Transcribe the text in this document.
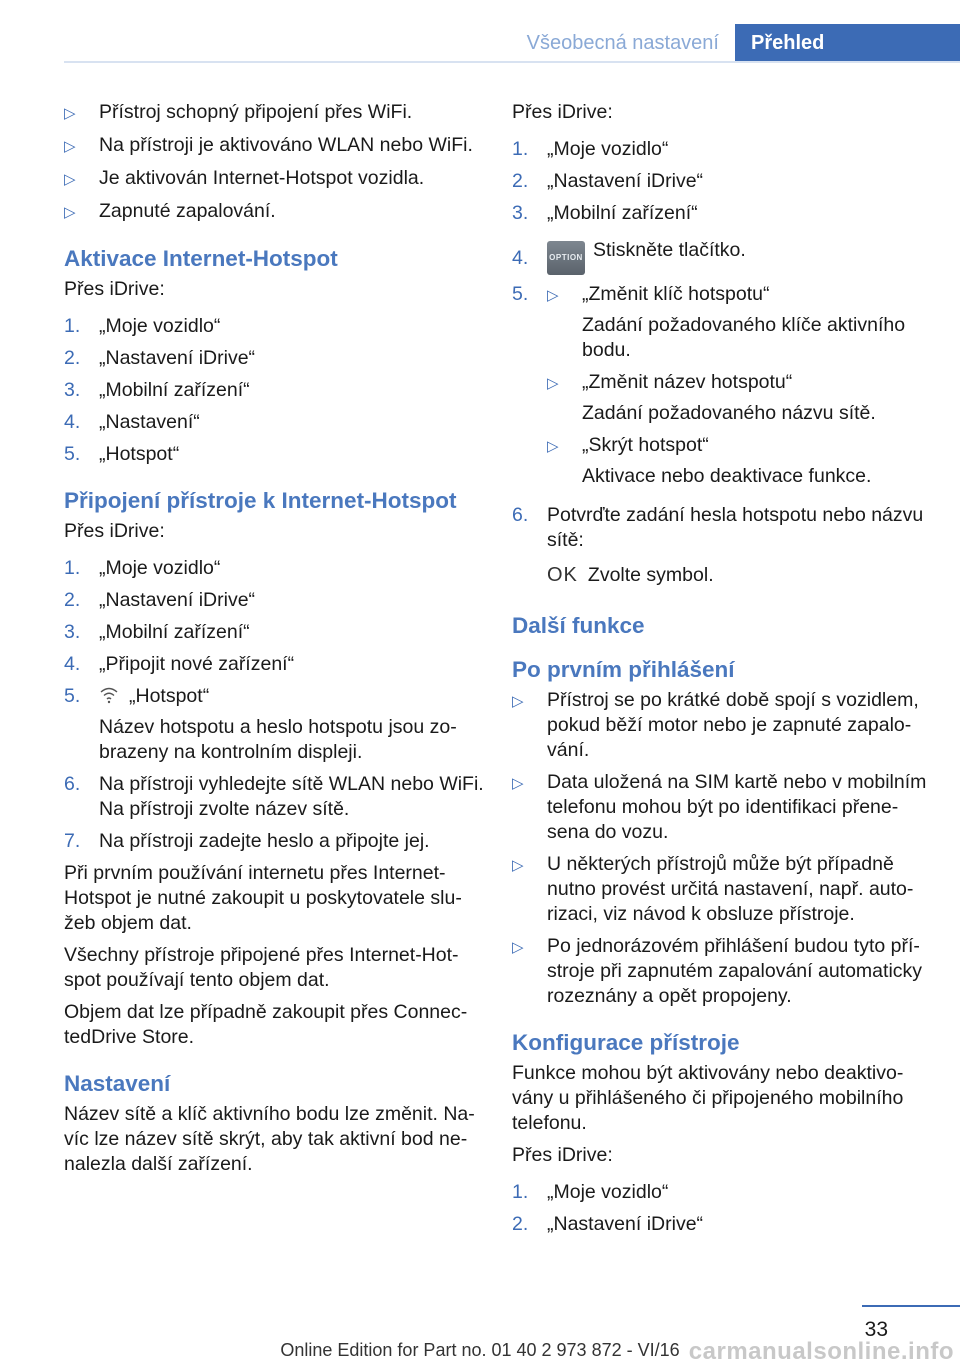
Všeobecná nastavení	Přehled
▷	Přístroj schopný připojení přes WiFi.
▷	Na přístroji je aktivováno WLAN nebo WiFi.
▷	Je aktivován Internet-Hotspot vozidla.
▷	Zapnuté zapalování.
Aktivace Internet-Hotspot
Přes iDrive:
1. „Moje vozidlo“
2. „Nastavení iDrive“
3. „Mobilní zařízení“
4. „Nastavení“
5. „Hotspot“
Připojení přístroje k Internet-Hotspot
Přes iDrive:
1. „Moje vozidlo“
2. „Nastavení iDrive“
3. „Mobilní zařízení“
4. „Připojit nové zařízení“
5.	„Hotspot“

Název hotspotu a heslo hotspotu jsou zobrazeny na kontrolním displeji.

6. Na přístroji vyhledejte sítě WLAN nebo WiFi. Na přístroji zvolte název sítě.
7. Na přístroji zadejte heslo a připojte jej.
Při prvním používání internetu přes Internet-Hotspot je nutné zakoupit u poskytovatele služeb objem dat.
Všechny přístroje připojené přes Internet-Hotspot používají tento objem dat.
Objem dat lze případně zakoupit přes ConnectedDrive Store.
Nastavení
Název sítě a klíč aktivního bodu lze změnit. Navíc lze název sítě skrýt, aby tak aktivní bod nenalezla další zařízení.
Přes iDrive:
1. „Moje vozidlo“
2. „Nastavení iDrive“
3. „Mobilní zařízení“
4.	OPTION Stiskněte tlačítko.
5.	▷	„Změnit klíč hotspotu“

Zadání požadovaného klíče aktivního bodu.

▷	„Změnit název hotspotu“

Zadání požadovaného názvu sítě.

▷	„Skrýt hotspot“

Aktivace nebo deaktivace funkce.

6. Potvrďte zadání hesla hotspotu nebo názvu sítě:

OK Zvolte symbol.

Další funkce
Po prvním přihlášení
▷	Přístroj se po krátké době spojí s vozidlem, pokud běží motor nebo je zapnuté zapalování.
▷	Data uložená na SIM kartě nebo v mobilním telefonu mohou být po identifikaci přenesena do vozu.
▷	U některých přístrojů může být případně nutno provést určitá nastavení, např. autorizaci, viz návod k obsluze přístroje.
▷	Po jednorázovém přihlášení budou tyto přístroje při zapnutém zapalování automaticky rozeznány a opět propojeny.
Konfigurace přístroje
Funkce mohou být aktivovány nebo deaktivovány u přihlášeného či připojeného mobilního telefonu.
Přes iDrive:
1. „Moje vozidlo“
2. „Nastavení iDrive“
33
Online Edition for Part no. 01 40 2 973 872 - VI/16 carmanualsonline.info
